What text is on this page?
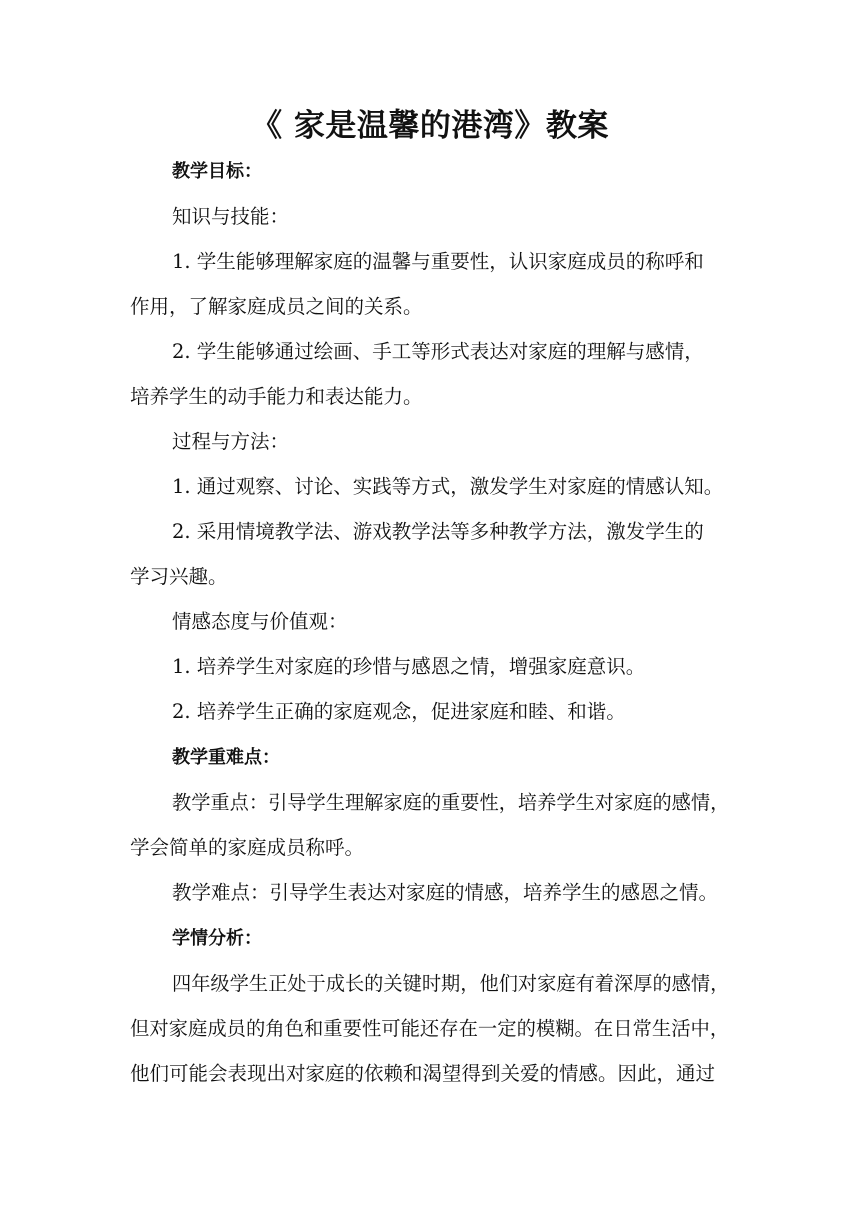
《 家是温馨的港湾》教案
教学目标：
知识与技能：
1. 学生能够理解家庭的温馨与重要性，认识家庭成员的称呼和
作用，了解家庭成员之间的关系。
2. 学生能够通过绘画、手工等形式表达对家庭的理解与感情，
培养学生的动手能力和表达能力。
过程与方法：
1. 通过观察、讨论、实践等方式，激发学生对家庭的情感认知。
2. 采用情境教学法、游戏教学法等多种教学方法，激发学生的
学习兴趣。
情感态度与价值观：
1. 培养学生对家庭的珍惜与感恩之情，增强家庭意识。
2. 培养学生正确的家庭观念，促进家庭和睦、和谐。
教学重难点：
教学重点：引导学生理解家庭的重要性，培养学生对家庭的感情，
学会简单的家庭成员称呼。
教学难点：引导学生表达对家庭的情感，培养学生的感恩之情。
学情分析：
四年级学生正处于成长的关键时期，他们对家庭有着深厚的感情，
但对家庭成员的角色和重要性可能还存在一定的模糊。在日常生活中，
他们可能会表现出对家庭的依赖和渴望得到关爱的情感。因此，通过
